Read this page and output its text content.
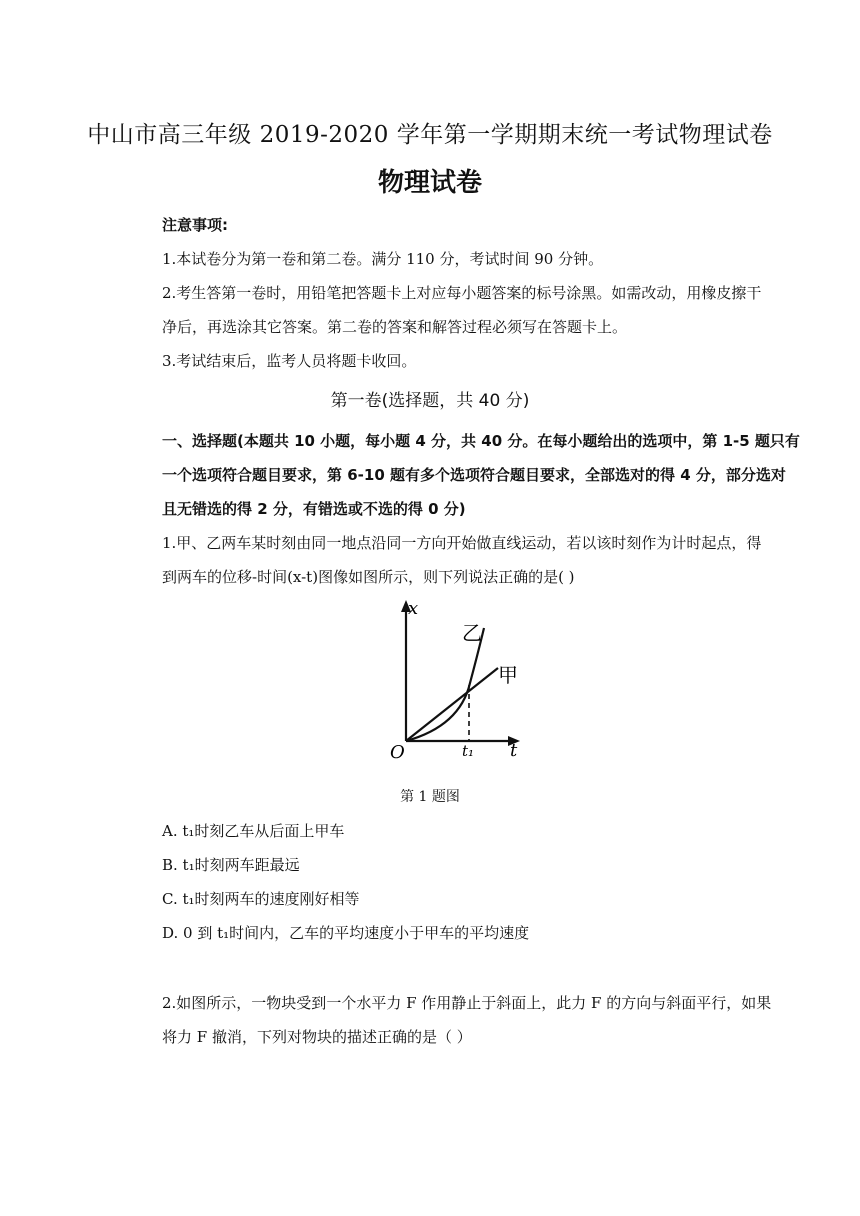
中山市高三年级 2019-2020 学年第一学期期末统一考试物理试卷
物理试卷
注意事项:
1.本试卷分为第一卷和第二卷。满分 110 分，考试时间 90 分钟。
2.考生答第一卷时，用铅笔把答题卡上对应每小题答案的标号涂黑。如需改动，用橡皮擦干
净后，再选涂其它答案。第二卷的答案和解答过程必须写在答题卡上。
3.考试结束后，监考人员将题卡收回。
第一卷(选择题，共 40 分)
一、选择题(本题共 10 小题，每小题 4 分，共 40 分。在每小题给出的选项中，第 1-5 题只有
一个选项符合题目要求，第 6-10 题有多个选项符合题目要求，全部选对的得 4 分，部分选对
且无错选的得 2 分，有错选或不选的得 0 分)
1.甲、乙两车某时刻由同一地点沿同一方向开始做直线运动，若以该时刻作为计时起点，得
到两车的位移-时间(x-t)图像如图所示，则下列说法正确的是( )
x
t
O	t₁
乙
甲
第 1 题图
A. t₁时刻乙车从后面上甲车
B. t₁时刻两车距最远
C. t₁时刻两车的速度刚好相等
D. 0 到 t₁时间内，乙车的平均速度小于甲车的平均速度
2.如图所示，一物块受到一个水平力 F 作用静止于斜面上，此力 F 的方向与斜面平行，如果
将力 F 撤消，下列对物块的描述正确的是（ ）
